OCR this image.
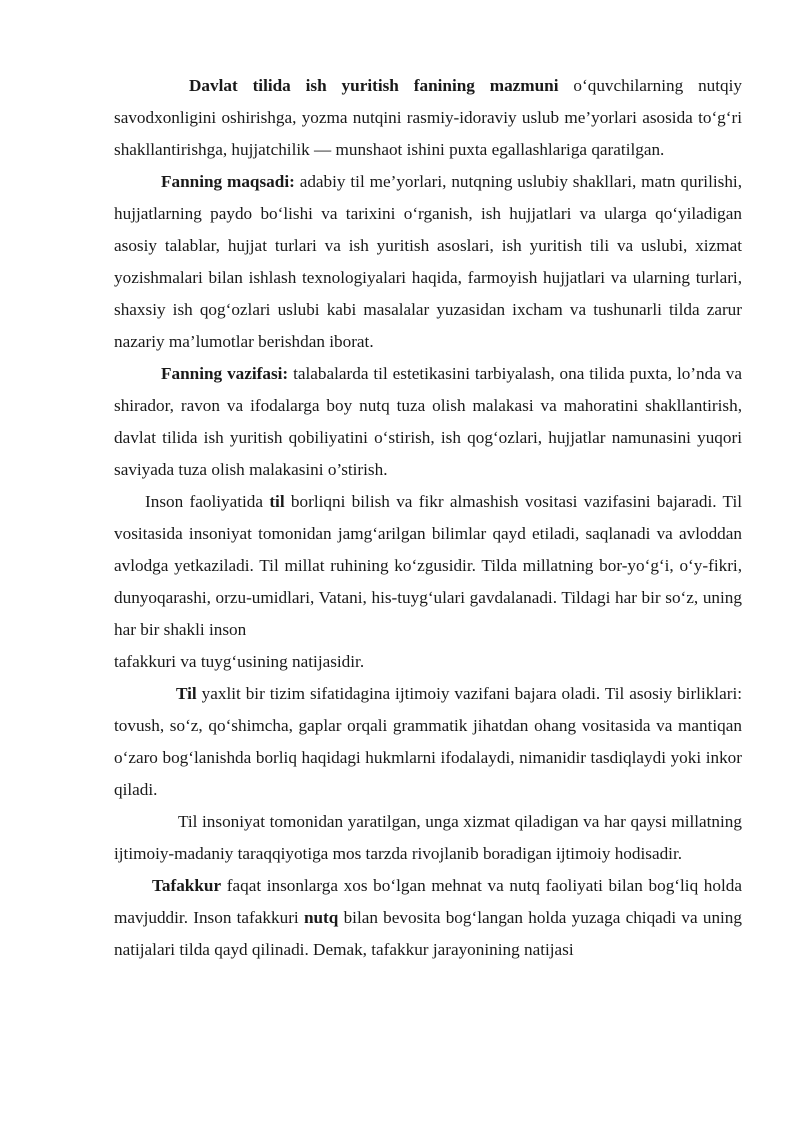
Davlat tilida ish yuritish fanining mazmuni o‘quvchilarning nutqiy savodxonligini oshirishga, yozma nutqini rasmiy-idoraviy uslub me’yorlari asosida to‘g‘ri shakllantirishga, hujjatchilik — munshaot ishini puxta egallashlariga qaratilgan.

Fanning maqsadi: adabiy til me’yorlari, nutqning uslubiy shakllari, matn qurilishi, hujjatlarning paydo bo‘lishi va tarixini o‘rganish, ish hujjatlari va ularga qo‘yiladigan asosiy talablar, hujjat turlari va ish yuritish asoslari, ish yuritish tili va uslubi, xizmat yozishmalari bilan ishlash texnologiyalari haqida, farmoyish hujjatlari va ularning turlari, shaxsiy ish qog‘ozlari uslubi kabi masalalar yuzasidan ixcham va tushunarli tilda zarur nazariy ma’lumotlar berishdan iborat.

Fanning vazifasi: talabalarda til estetikasini tarbiyalash, ona tilida puxta, lo’nda va shirador, ravon va ifodalarga boy nutq tuza olish malakasi va mahoratini shakllantirish, davlat tilida ish yuritish qobiliyatini o‘stirish, ish qog‘ozlari, hujjatlar namunasini yuqori saviyada tuza olish malakasini o’stirish.

Inson faoliyatida til borliqni bilish va fikr almashish vositasi vazifasini bajaradi. Til vositasida insoniyat tomonidan jamg‘arilgan bilimlar qayd etiladi, saqlanadi va avloddan avlodga yetkaziladi. Til millat ruhining ko‘zgusidir. Tilda millatning bor-yo‘g‘i, o‘y-fikri, dunyoqarashi, orzu-umidlari, Vatani, his-tuyg‘ulari gavdalanadi. Tildagi har bir so‘z, uning har bir shakli inson

tafakkuri va tuyg‘usining natijasidir.

Til yaxlit bir tizim sifatidagina ijtimoiy vazifani bajara oladi. Til asosiy birliklari: tovush, so‘z, qo‘shimcha, gaplar orqali grammatik jihatdan ohang vositasida va mantiqan o‘zaro bog‘lanishda borliq haqidagi hukmlarni ifodalaydi, nimanidir tasdiqlaydi yoki inkor qiladi.

Til insoniyat tomonidan yaratilgan, unga xizmat qiladigan va har qaysi millatning ijtimoiy-madaniy taraqqiyotiga mos tarzda rivojlanib boradigan ijtimoiy hodisadir.

Tafakkur faqat insonlarga xos bo‘lgan mehnat va nutq faoliyati bilan bog‘liq holda mavjuddir. Inson tafakkuri nutq bilan bevosita bog‘langan holda yuzaga chiqadi va uning natijalari tilda qayd qilinadi. Demak, tafakkur jarayonining natijasi
